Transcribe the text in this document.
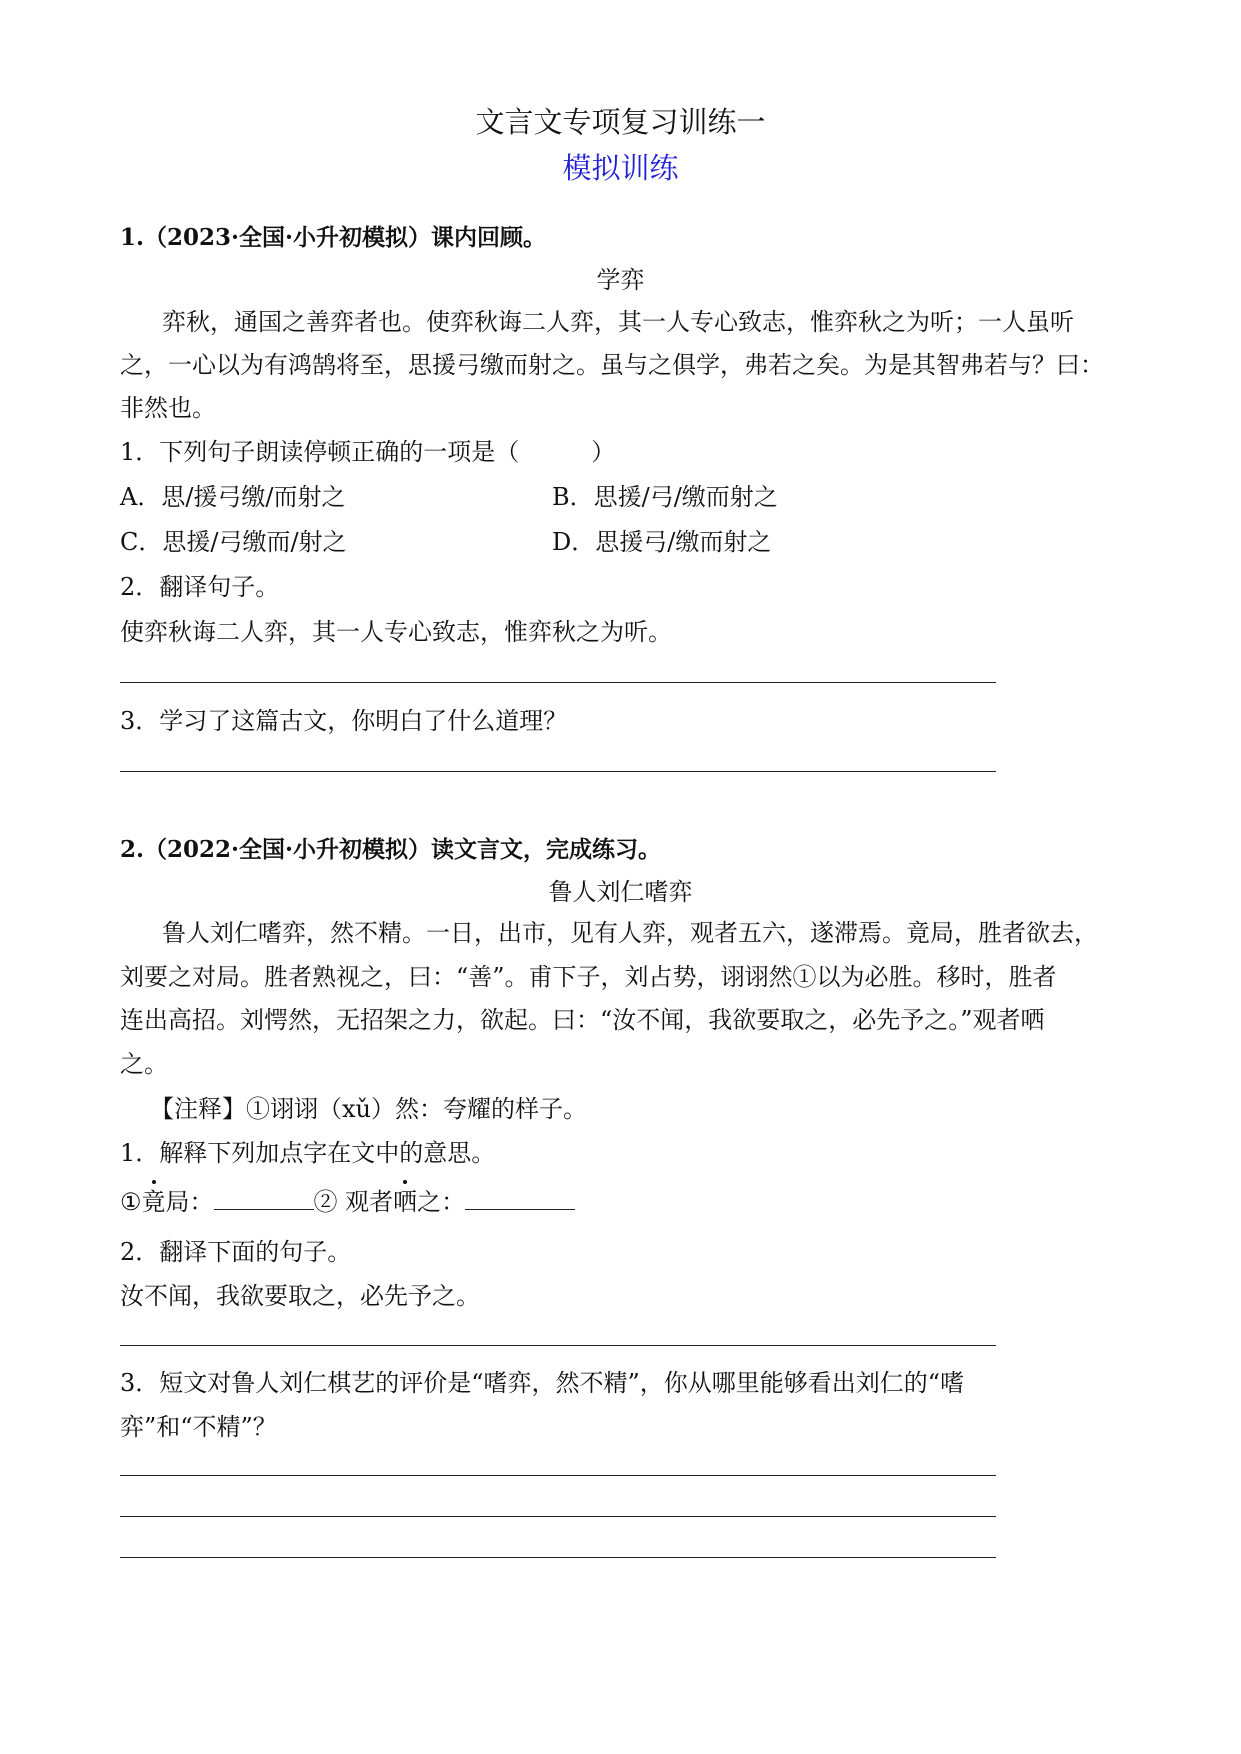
文言文专项复习训练一
模拟训练
1.（2023·全国·小升初模拟）课内回顾。
学弈
弈秋，通国之善弈者也。使弈秋诲二人弈，其一人专心致志，惟弈秋之为听；一人虽听
之，一心以为有鸿鹄将至，思援弓缴而射之。虽与之俱学，弗若之矣。为是其智弗若与？曰：
非然也。
1．下列句子朗读停顿正确的一项是（　　　）
A．思/援弓缴/而射之	B．思援/弓/缴而射之
C．思援/弓缴而/射之	D．思援弓/缴而射之
2．翻译句子。
使弈秋诲二人弈，其一人专心致志，惟弈秋之为听。
3．学习了这篇古文，你明白了什么道理？
2.（2022·全国·小升初模拟）读文言文，完成练习。
鲁人刘仁嗜弈
鲁人刘仁嗜弈，然不精。一日，出市，见有人弈，观者五六，遂滞焉。竟局，胜者欲去，
刘要之对局。胜者熟视之，曰：“善”。甫下子，刘占势，诩诩然①以为必胜。移时，胜者
连出高招。刘愕然，无招架之力，欲起。曰：“汝不闻，我欲要取之，必先予之。”观者哂
之。
【注释】①诩诩（xǔ）然：夸耀的样子。
1．解释下列加点字在文中的意思。
①竟局：	② 观者哂之：
2．翻译下面的句子。
汝不闻，我欲要取之，必先予之。
3．短文对鲁人刘仁棋艺的评价是“嗜弈，然不精”，你从哪里能够看出刘仁的“嗜
弈”和“不精”？
